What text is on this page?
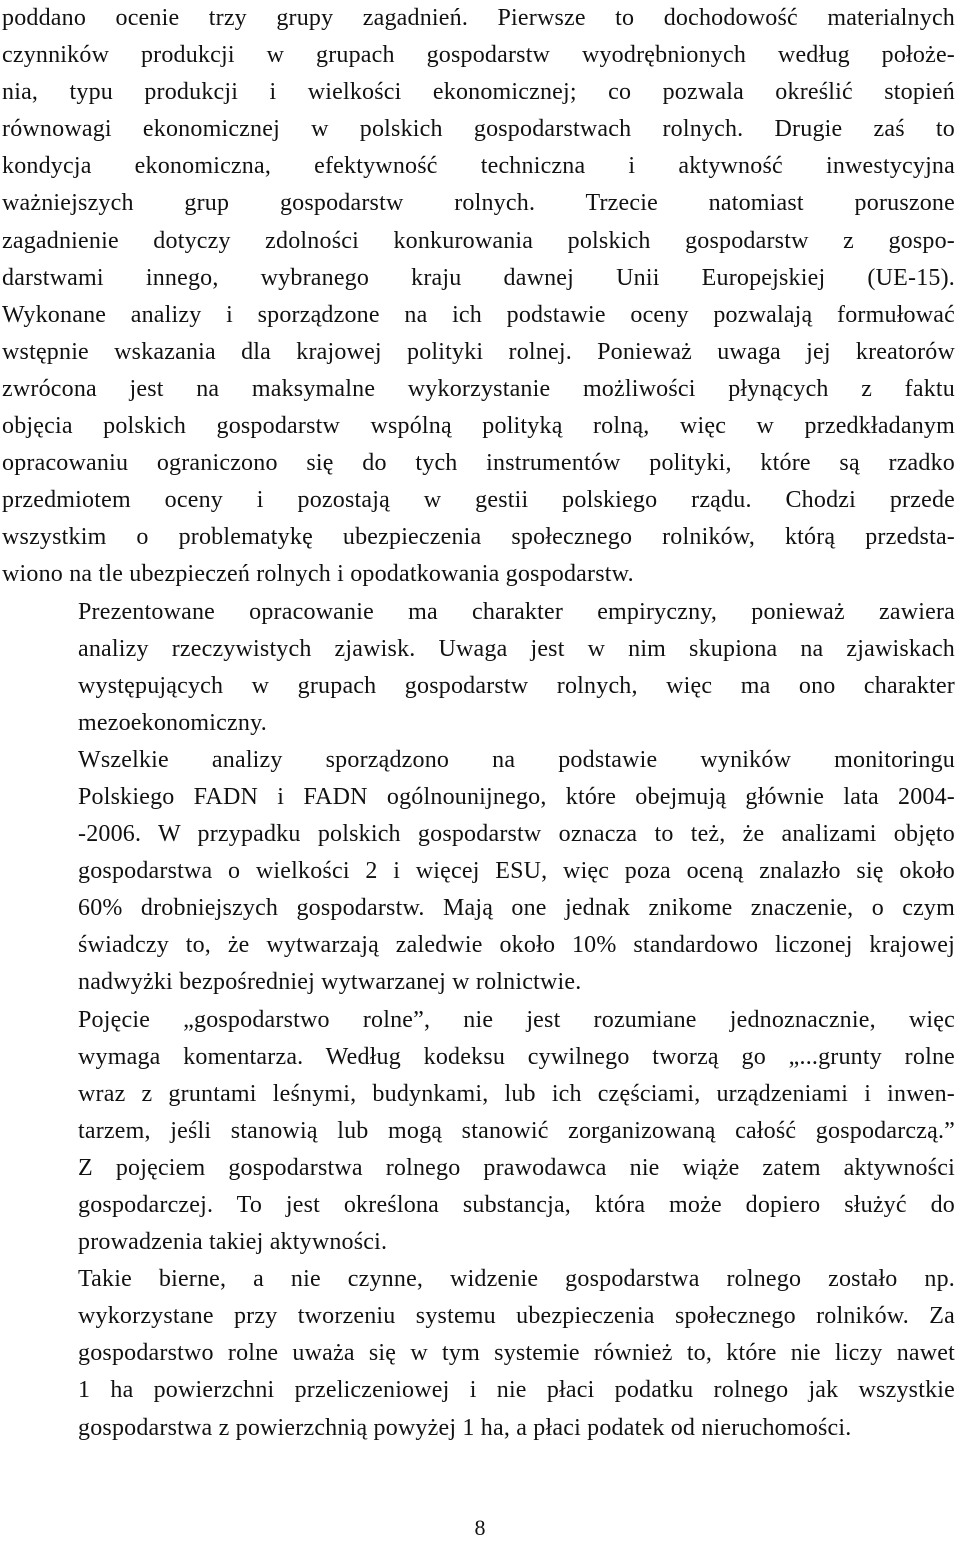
poddano ocenie trzy grupy zagadnień. Pierwsze to dochodowość materialnych
czynników produkcji w grupach gospodarstw wyodrębnionych według położe-
nia, typu produkcji i wielkości ekonomicznej; co pozwala określić stopień
równowagi ekonomicznej w polskich gospodarstwach rolnych. Drugie zaś to
kondycja ekonomiczna, efektywność techniczna i aktywność inwestycyjna
ważniejszych grup gospodarstw rolnych. Trzecie natomiast poruszone
zagadnienie dotyczy zdolności konkurowania polskich gospodarstw z gospo-
darstwami innego, wybranego kraju dawnej Unii Europejskiej (UE-15).
Wykonane analizy i sporządzone na ich podstawie oceny pozwalają formułować
wstępnie wskazania dla krajowej polityki rolnej. Ponieważ uwaga jej kreatorów
zwrócona jest na maksymalne wykorzystanie możliwości płynących z faktu
objęcia polskich gospodarstw wspólną polityką rolną, więc w przedkładanym
opracowaniu ograniczono się do tych instrumentów polityki, które są rzadko
przedmiotem oceny i pozostają w gestii polskiego rządu. Chodzi przede
wszystkim o problematykę ubezpieczenia społecznego rolników, którą przedsta-
wiono na tle ubezpieczeń rolnych i opodatkowania gospodarstw.

Prezentowane opracowanie ma charakter empiryczny, ponieważ zawiera
analizy rzeczywistych zjawisk. Uwaga jest w nim skupiona na zjawiskach
występujących w grupach gospodarstw rolnych, więc ma ono charakter
mezoekonomiczny.

Wszelkie analizy sporządzono na podstawie wyników monitoringu
Polskiego FADN i FADN ogólnounijnego, które obejmują głównie lata 2004-
-2006. W przypadku polskich gospodarstw oznacza to też, że analizami objęto
gospodarstwa o wielkości 2 i więcej ESU, więc poza oceną znalazło się około
60% drobniejszych gospodarstw. Mają one jednak znikome znaczenie, o czym
świadczy to, że wytwarzają zaledwie około 10% standardowo liczonej krajowej
nadwyżki bezpośredniej wytwarzanej w rolnictwie.

Pojęcie „gospodarstwo rolne”, nie jest rozumiane jednoznacznie, więc
wymaga komentarza. Według kodeksu cywilnego tworzą go „...grunty rolne
wraz z gruntami leśnymi, budynkami, lub ich częściami, urządzeniami i inwen-
tarzem, jeśli stanowią lub mogą stanowić zorganizowaną całość gospodarczą.”
Z pojęciem gospodarstwa rolnego prawodawca nie wiąże zatem aktywności
gospodarczej. To jest określona substancja, która może dopiero służyć do
prowadzenia takiej aktywności.

Takie bierne, a nie czynne, widzenie gospodarstwa rolnego zostało np.
wykorzystane przy tworzeniu systemu ubezpieczenia społecznego rolników. Za
gospodarstwo rolne uważa się w tym systemie również to, które nie liczy nawet
1 ha powierzchni przeliczeniowej i nie płaci podatku rolnego jak wszystkie
gospodarstwa z powierzchnią powyżej 1 ha, a płaci podatek od nieruchomości.

8
